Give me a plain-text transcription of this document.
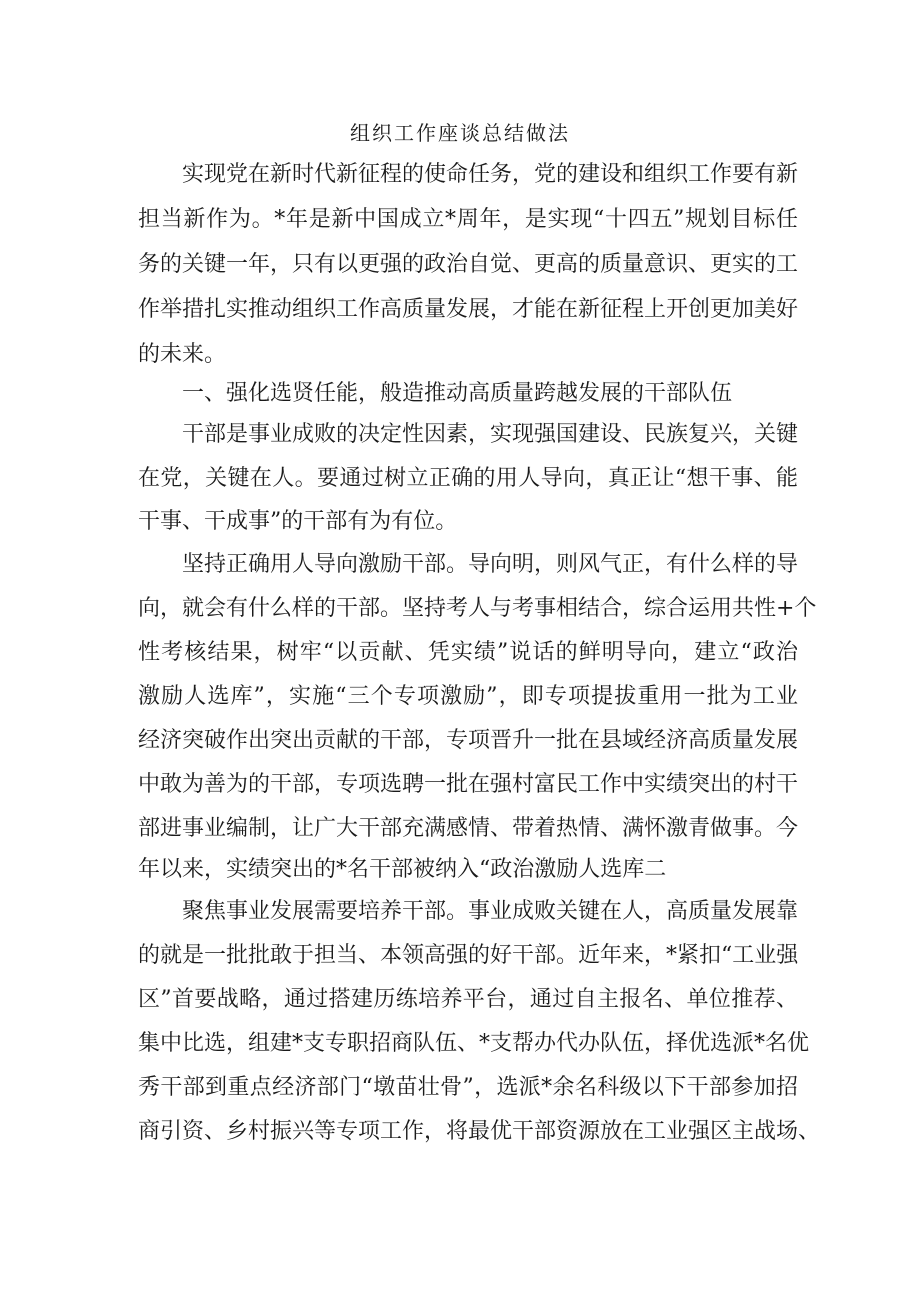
组织工作座谈总结做法
实现党在新时代新征程的使命任务，党的建设和组织工作要有新
担当新作为。*年是新中国成立*周年，是实现“十四五”规划目标任
务的关键一年，只有以更强的政治自觉、更高的质量意识、更实的工
作举措扎实推动组织工作高质量发展，才能在新征程上开创更加美好
的未来。
一、强化选贤任能，般造推动高质量跨越发展的干部队伍
干部是事业成败的决定性因素，实现强国建设、民族复兴，关键
在党，关键在人。要通过树立正确的用人导向，真正让“想干事、能
干事、干成事”的干部有为有位。
坚持正确用人导向激励干部。导向明，则风气正，有什么样的导
向，就会有什么样的干部。坚持考人与考事相结合，综合运用共性+个
性考核结果，树牢“以贡献、凭实绩”说话的鲜明导向，建立“政治
激励人选库”，实施“三个专项激励”，即专项提拔重用一批为工业
经济突破作出突出贡献的干部，专项晋升一批在县域经济高质量发展
中敢为善为的干部，专项选聘一批在强村富民工作中实绩突出的村干
部进事业编制，让广大干部充满感情、带着热情、满怀激青做事。今
年以来，实绩突出的*名干部被纳入“政治激励人选库二
聚焦事业发展需要培养干部。事业成败关键在人，高质量发展靠
的就是一批批敢于担当、本领高强的好干部。近年来，*紧扣“工业强
区”首要战略，通过搭建历练培养平台，通过自主报名、单位推荐、
集中比选，组建*支专职招商队伍、*支帮办代办队伍，择优选派*名优
秀干部到重点经济部门“墩苗壮骨”，选派*余名科级以下干部参加招
商引资、乡村振兴等专项工作，将最优干部资源放在工业强区主战场、
